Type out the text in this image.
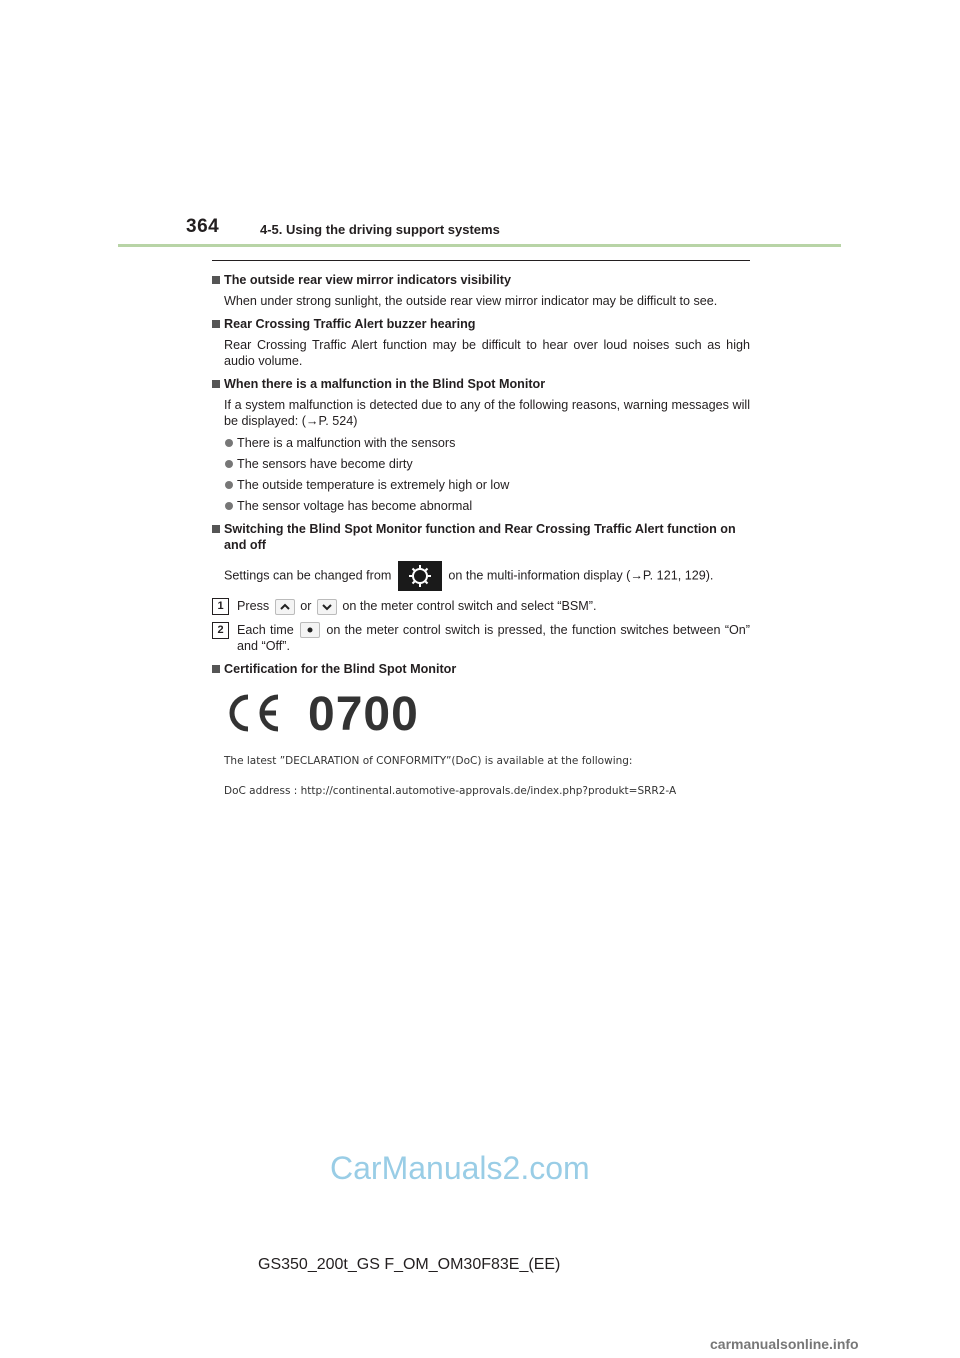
364	4-5. Using the driving support systems
The outside rear view mirror indicators visibility
When under strong sunlight, the outside rear view mirror indicator may be difficult to see.
Rear Crossing Traffic Alert buzzer hearing
Rear Crossing Traffic Alert function may be difficult to hear over loud noises such as high audio volume.
When there is a malfunction in the Blind Spot Monitor
If a system malfunction is detected due to any of the following reasons, warning messages will be displayed: (→P. 524)
There is a malfunction with the sensors
The sensors have become dirty
The outside temperature is extremely high or low
The sensor voltage has become abnormal
Switching the Blind Spot Monitor function and Rear Crossing Traffic Alert function on and off
Settings can be changed from	on the multi-information display (→P. 121, 129).
1	Press or on the meter control switch and select “BSM”.
2	Each time	on the meter control switch is pressed, the function switches between “On” and “Off”.
Certification for the Blind Spot Monitor
0700
The latest ”DECLARATION of CONFORMITY”(DoC) is available at the following:
DoC address : http://continental.automotive-approvals.de/index.php?produkt=SRR2-A
CarManuals2.com
GS350_200t_GS F_OM_OM30F83E_(EE)
carmanualsonline.info
